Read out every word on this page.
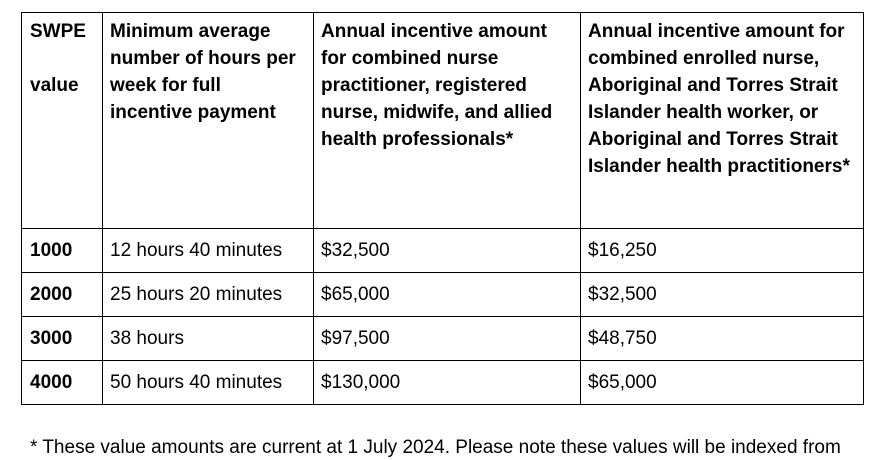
SWPE
value	Minimum average number of hours per week for full incentive payment	Annual incentive amount for combined nurse practitioner, registered nurse, midwife, and allied health professionals*	Annual incentive amount for combined enrolled nurse, Aboriginal and Torres Strait Islander health worker, or Aboriginal and Torres Strait Islander health practitioners*
1000	12 hours 40 minutes	$32,500	$16,250
2000	25 hours 20 minutes	$65,000	$32,500
3000	38 hours	$97,500	$48,750
4000	50 hours 40 minutes	$130,000	$65,000
* These value amounts are current at 1 July 2024. Please note these values will be indexed from
